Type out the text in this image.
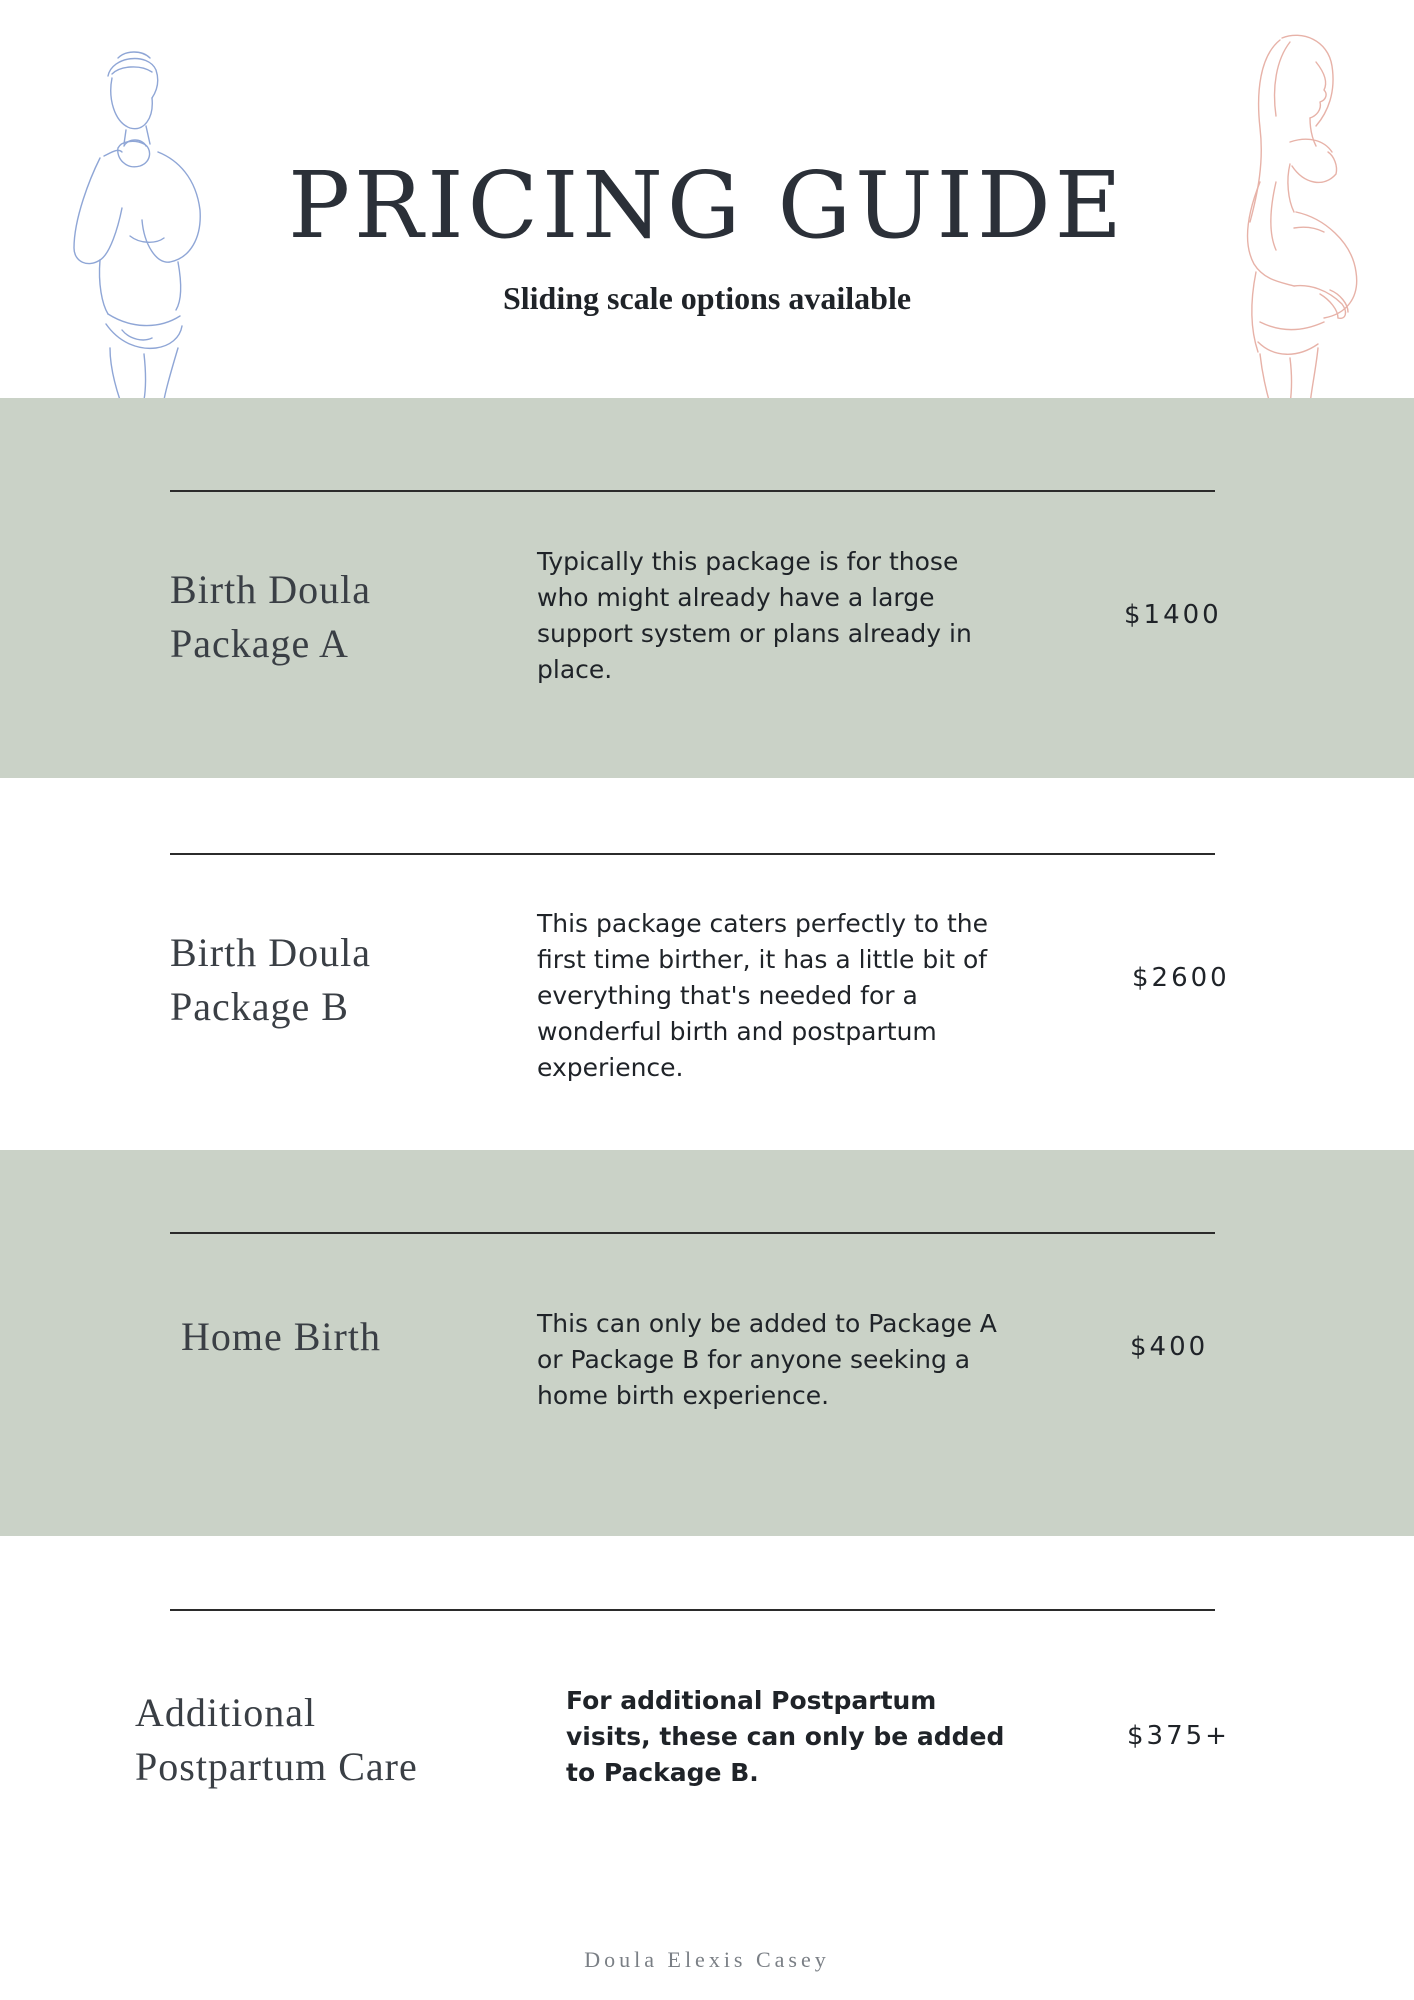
PRICING GUIDE
Sliding scale options available
Birth Doula
Package A
Typically this package is for those who might already have a large support system or plans already in place.
$1400
Birth Doula
Package B
This package caters perfectly to the first time birther, it has a little bit of everything that's needed for a wonderful birth and postpartum experience.
$2600
Home Birth	This can only be added to Package A or Package B for anyone seeking a home birth experience.
$400
Additional
Postpartum Care
For additional Postpartum visits, these can only be added to Package B.
$375+
Doula Elexis Casey
